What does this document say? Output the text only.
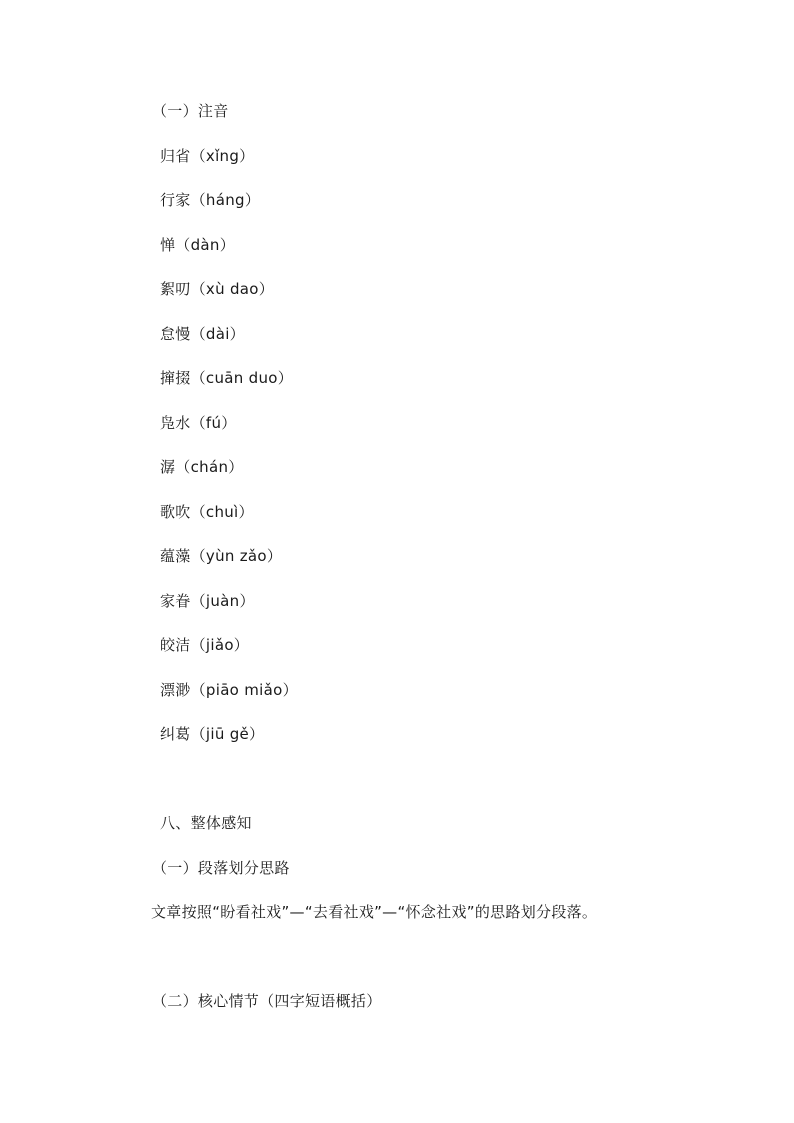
（一）注音
归省（xǐng）
行家（háng）
惮（dàn）
絮叨（xù dao）
怠慢（dài）
撺掇（cuān duo）
凫水（fú）
潺（chán）
歌吹（chuì）
蕴藻（yùn zǎo）
家眷（juàn）
皎洁（jiǎo）
漂渺（piāo miǎo）
纠葛（jiū gě）
八、整体感知
（一）段落划分思路
文章按照“盼看社戏”—“去看社戏”—“怀念社戏”的思路划分段落。
（二）核心情节（四字短语概括）
